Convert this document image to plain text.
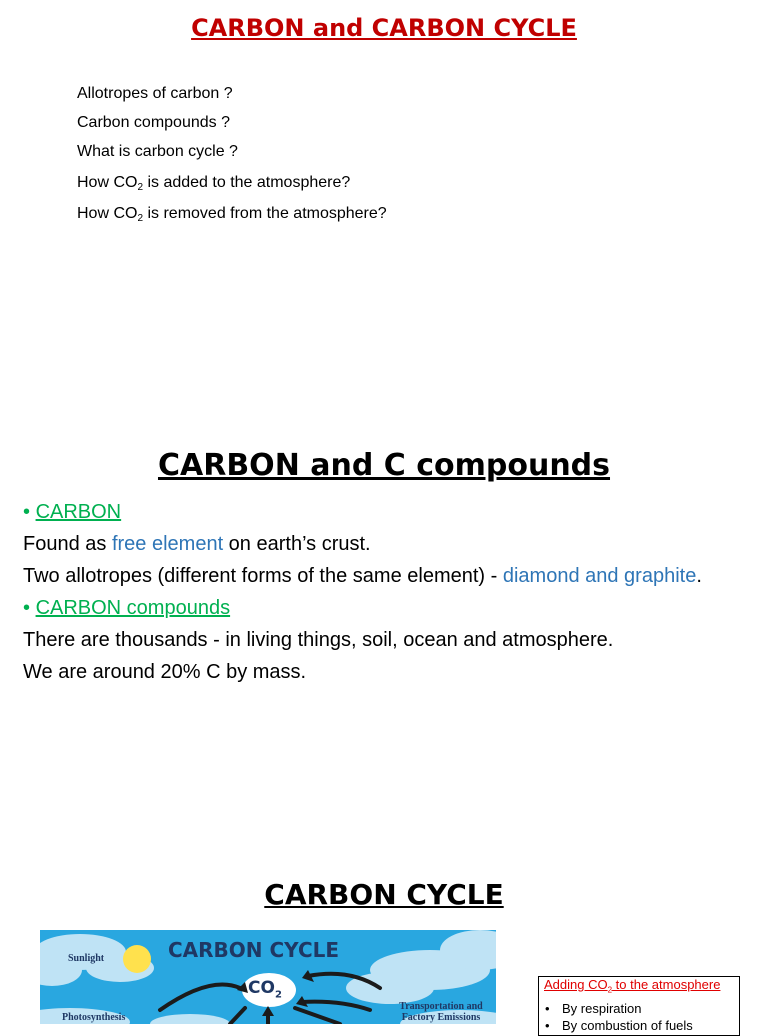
CARBON and CARBON CYCLE
Allotropes of carbon ?
Carbon compounds ?
What is carbon cycle ?
How $CO_2$ is added to the atmosphere?
How $CO_2$ is removed from the atmosphere?
CARBON and C compounds
• CARBON
Found as free element on earth’s crust.
Two allotropes (different forms of the same element) - diamond and graphite.
• CARBON compounds
There are thousands - in living things, soil, ocean and atmosphere.
We are around 20% C by mass.
CARBON CYCLE
CARBON CYCLE
Sunlight
$CO_2$
Photosynthesis
Transportation and
Factory Emissions
Adding $CO_2$ to the atmosphere
• By respiration
• By combustion of fuels
